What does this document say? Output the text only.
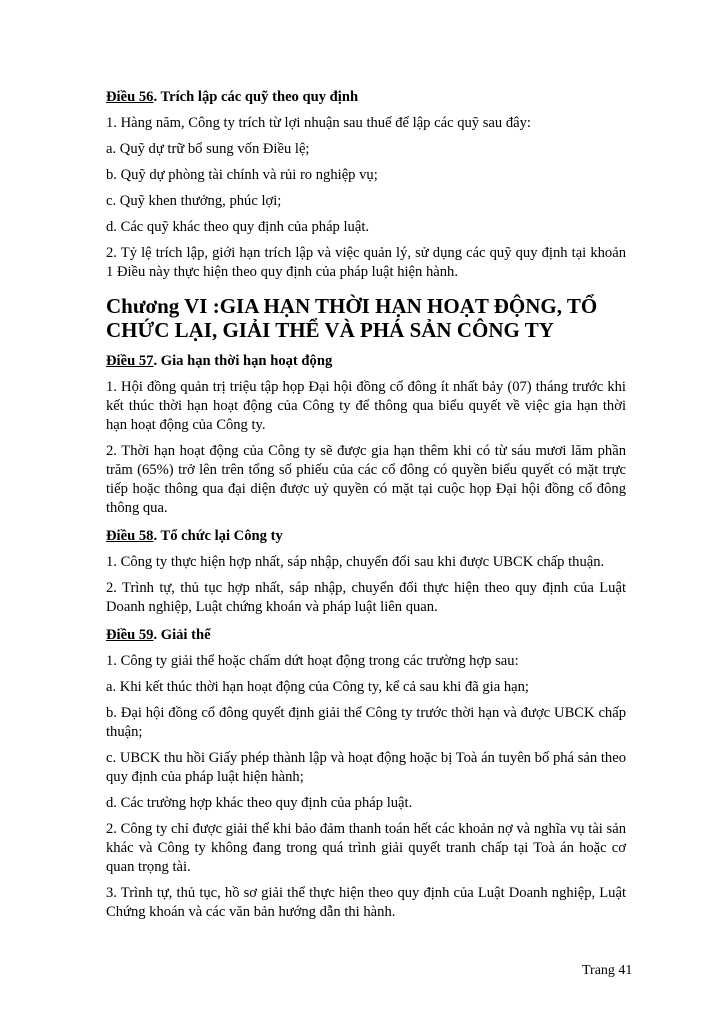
Điều 56. Trích lập các quỹ theo quy định

1. Hàng năm, Công ty trích từ lợi nhuận sau thuế để lập các quỹ sau đây:

a. Quỹ dự trữ bổ sung vốn Điều lệ;

b. Quỹ dự phòng tài chính và rủi ro nghiệp vụ;

c. Quỹ khen thưởng, phúc lợi;

d. Các quỹ khác theo quy định của pháp luật.

2. Tỷ lệ trích lập, giới hạn trích lập và việc quản lý, sử dụng các quỹ quy định tại khoản 1 Điều này thực hiện theo quy định của pháp luật hiện hành.

Chương VI :GIA HẠN THỜI HẠN HOẠT ĐỘNG, TỔ CHỨC LẠI, GIẢI THỂ VÀ PHÁ SẢN CÔNG TY
Điều 57. Gia hạn thời hạn hoạt động

1. Hội đồng quản trị triệu tập họp Đại hội đồng cổ đông ít nhất bảy (07) tháng trước khi kết thúc thời hạn hoạt động của Công ty để thông qua biểu quyết về việc gia hạn thời hạn hoạt động của Công ty.

2. Thời hạn hoạt động của Công ty sẽ được gia hạn thêm khi có từ sáu mươi lăm phần trăm (65%) trở lên trên tổng số phiếu của các cổ đông có quyền biểu quyết có mặt trực tiếp hoặc thông qua đại diện được uỷ quyền có mặt tại cuộc họp Đại hội đồng cổ đông thông qua.

Điều 58. Tổ chức lại Công ty

1. Công ty thực hiện hợp nhất, sáp nhập, chuyển đổi sau khi được UBCK chấp thuận.

2. Trình tự, thủ tục hợp nhất, sáp nhập, chuyển đổi thực hiện theo quy định của Luật Doanh nghiệp, Luật chứng khoán và pháp luật liên quan.

Điều 59. Giải thể

1. Công ty giải thể hoặc chấm dứt hoạt động trong các trường hợp sau:

a. Khi kết thúc thời hạn hoạt động của Công ty, kể cả sau khi đã gia hạn;

b. Đại hội đồng cổ đông quyết định giải thể Công ty trước thời hạn và được UBCK chấp thuận;

c. UBCK thu hồi Giấy phép thành lập và hoạt động hoặc bị Toà án tuyên bố phá sản theo quy định của pháp luật hiện hành;

d. Các trường hợp khác theo quy định của pháp luật.

2. Công ty chỉ được giải thể khi bảo đảm thanh toán hết các khoản nợ và nghĩa vụ tài sản khác và Công ty không đang trong quá trình giải quyết tranh chấp tại Toà án hoặc cơ quan trọng tài.

3. Trình tự, thủ tục, hồ sơ giải thể thực hiện theo quy định của Luật Doanh nghiệp, Luật Chứng khoán và các văn bản hướng dẫn thi hành.

Trang 41
